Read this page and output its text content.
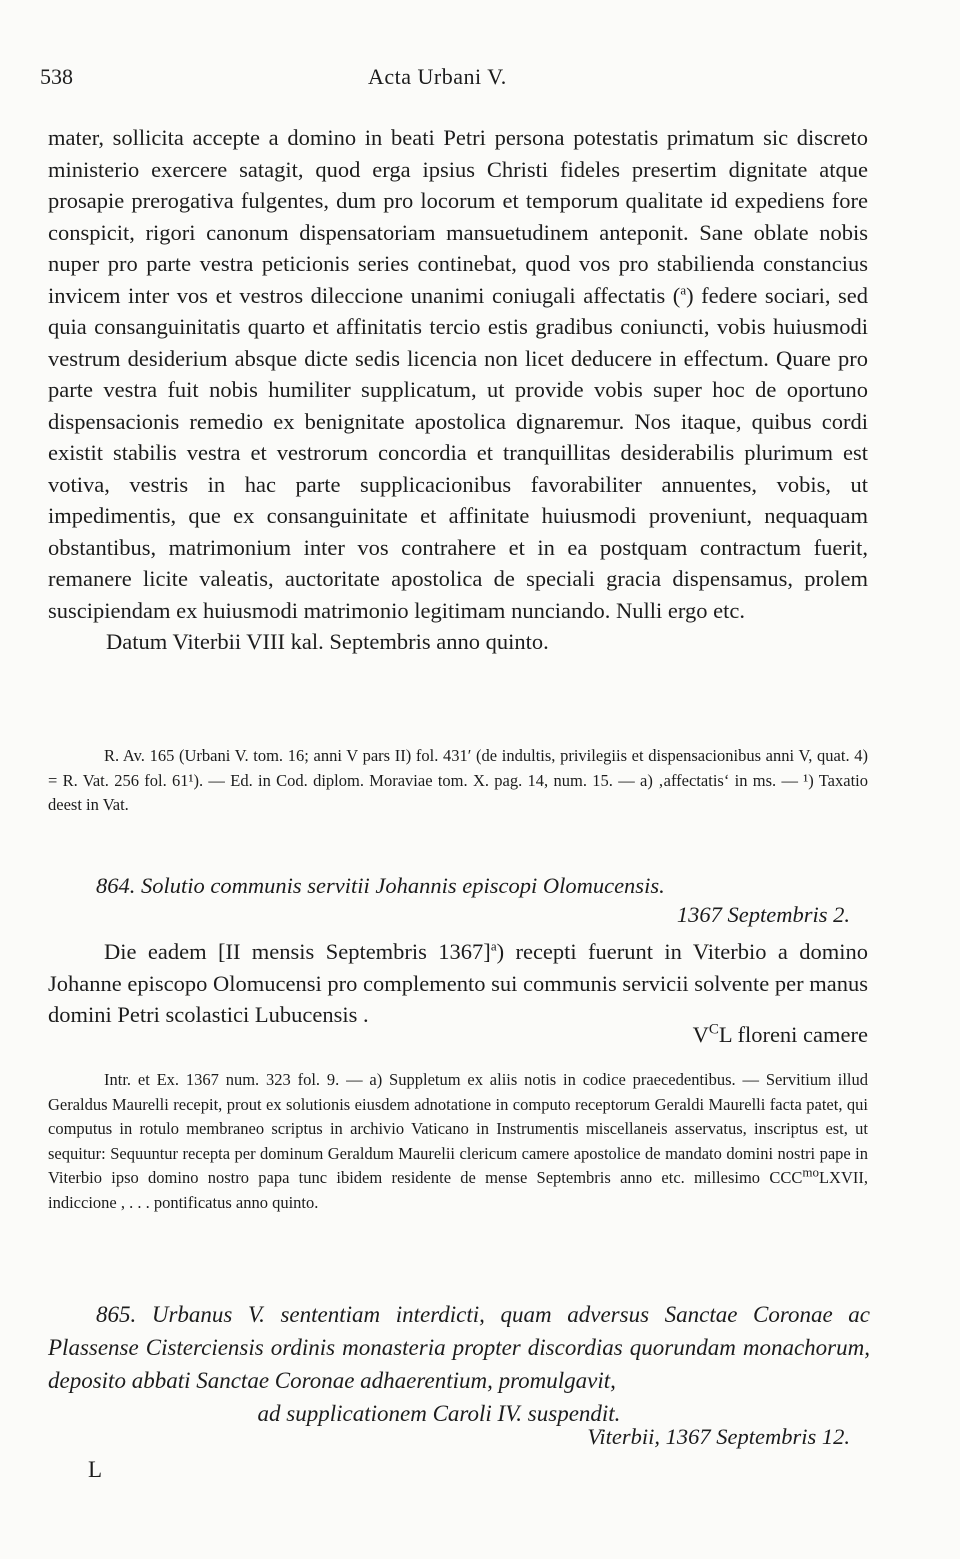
538	Acta Urbani V.

mater, sollicita accepte a domino in beati Petri persona potestatis primatum sic discreto ministerio exercere satagit, quod erga ipsius Christi fideles presertim dignitate atque prosapie prerogativa fulgentes, dum pro locorum et temporum qualitate id expediens fore conspicit, rigori canonum dispensatoriam mansuetudinem anteponit. Sane oblate nobis nuper pro parte vestra peticionis series continebat, quod vos pro stabilienda constancius invicem inter vos et vestros dileccione unanimi coniugali affectatis ($^a$) federe sociari, sed quia consanguinitatis quarto et affinitatis tercio estis gradibus coniuncti, vobis huiusmodi vestrum desiderium absque dicte sedis licencia non licet deducere in effectum. Quare pro parte vestra fuit nobis humiliter supplicatum, ut provide vobis super hoc de oportuno dispensacionis remedio ex benignitate apostolica dignaremur. Nos itaque, quibus cordi existit stabilis vestra et vestrorum concordia et tranquillitas desiderabilis plurimum est votiva, vestris in hac parte supplicacionibus favorabiliter annuentes, vobis, ut impedimentis, que ex consanguinitate et affinitate huiusmodi proveniunt, nequaquam obstantibus, matrimonium inter vos contrahere et in ea postquam contractum fuerit, remanere licite valeatis, auctoritate apostolica de speciali gracia dispensamus, prolem suscipiendam ex huiusmodi matrimonio legitimam nunciando. Nulli ergo etc.

Datum Viterbii VIII kal. Septembris anno quinto.

R. Av. 165 (Urbani V. tom. 16; anni V pars II) fol. 431′ (de indultis, privilegiis et dispensacionibus anni V, quat. 4) = R. Vat. 256 fol. 61¹). — Ed. in Cod. diplom. Moraviae tom. X. pag. 14, num. 15. — a) ‚affectatis‘ in ms. — ¹) Taxatio deest in Vat.

864. Solutio communis servitii Johannis episcopi Olomucensis.
1367 Septembris 2.

Die eadem [II mensis Septembris 1367]$^a$) recepti fuerunt in Viterbio a domino Johanne episcopo Olomucensi pro complemento sui communis servicii solvente per manus domini Petri scolastici Lubucensis .

$V^CL$ floreni camere

Intr. et Ex. 1367 num. 323 fol. 9. — a) Suppletum ex aliis notis in codice praecedentibus. — Servitium illud Geraldus Maurelli recepit, prout ex solutionis eiusdem adnotatione in computo receptorum Geraldi Maurelli facta patet, qui computus in rotulo membraneo scriptus in archivio Vaticano in Instrumentis miscellaneis asservatus, inscriptus est, ut sequitur: Sequuntur recepta per dominum Geraldum Maurelii clericum camere apostolice de mandato domini nostri pape in Viterbio ipso domino nostro papa tunc ibidem residente de mense Septembris anno etc. millesimo $CCC^{mo}LXVII$, indiccione , . . . pontificatus anno quinto.

865. Urbanus V. sententiam interdicti, quam adversus Sanctae Coronae ac Plassense Cisterciensis ordinis monasteria propter discordias quorundam monachorum, deposito abbati Sanctae Coronae adhaerentium, promulgavit,
ad supplicationem Caroli IV. suspendit.
Viterbii, 1367 Septembris 12.
L
